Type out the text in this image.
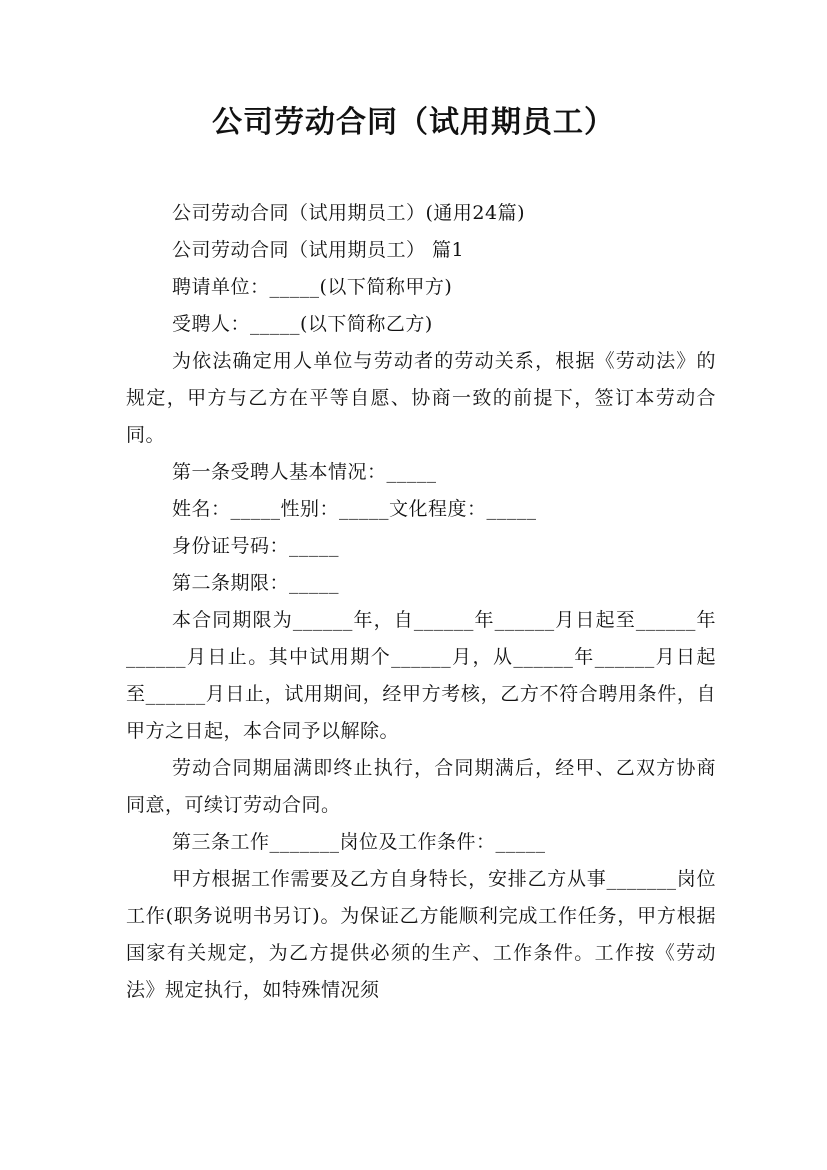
公司劳动合同（试用期员工）

公司劳动合同（试用期员工）(通用24篇)

公司劳动合同（试用期员工） 篇1

聘请单位：_____(以下简称甲方)

受聘人：_____(以下简称乙方)

为依法确定用人单位与劳动者的劳动关系，根据《劳动法》的规定，甲方与乙方在平等自愿、协商一致的前提下，签订本劳动合同。

第一条受聘人基本情况：_____

姓名：_____性别：_____文化程度：_____

身份证号码：_____

第二条期限：_____

本合同期限为______年，自______年______月日起至______年______月日止。其中试用期个______月，从______年______月日起至______月日止，试用期间，经甲方考核，乙方不符合聘用条件，自甲方之日起，本合同予以解除。

劳动合同期届满即终止执行，合同期满后，经甲、乙双方协商同意，可续订劳动合同。

第三条工作_______岗位及工作条件：_____

甲方根据工作需要及乙方自身特长，安排乙方从事_______岗位工作(职务说明书另订)。为保证乙方能顺利完成工作任务，甲方根据国家有关规定，为乙方提供必须的生产、工作条件。工作按《劳动法》规定执行，如特殊情况须
